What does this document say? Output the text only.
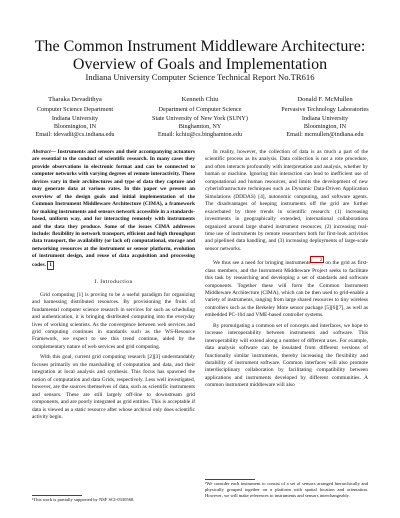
The Common Instrument Middleware Architecture: Overview of Goals and Implementation
Indiana University Computer Science Technical Report No.TR616
Tharaka Devadithya
Computer Science Department
Indiana University
Bloomington, IN
Email: tdevadit@cs.indiana.edu
Kenneth Chiu
Department of Computer Science
State University of New York (SUNY)
Binghamton, NY
Email: kchiu@cs.binghamton.edu
Donald F. McMullen
Pervasive Technology Laboratories
Indiana University
Bloomington, IN
Email: mcmullen@indiana.edu
Abstract— Instruments and sensors and their accompanying actuators are essential to the conduct of scientific research. In many cases they provide observations in electronic format and can be connected to computer networks with varying degrees of remote interactivity. These devices vary in their architectures and type of data they capture and may generate data at various rates. In this paper we present an overview of the design goals and initial implementation of the Common Instrument Middleware Architecture (CIMA), a framework for making instruments and sensors network accessible in a standards-based, uniform way, and for interacting remotely with instruments and the data they produce. Some of the issues CIMA addresses include: flexibility in network transport, efficient and high throughput data transport, the availability (or lack of) computational, storage and networking resources at the instrument or sensor platform, evolution of instrument design, and reuse of data acquisition and processing codes. 1
I. Introduction

Grid computing [1] is proving to be a useful paradigm for organizing and harnessing distributed resources. By provisioning the fruits of fundamental computer science research in services for such as scheduling and authentication, it is bringing distributed computing into the everyday lives of working scientists. As the convergence between web services and grid computing continues in standards such as the WS-Resource Framework, we expect to see this trend continue, aided by the complementary nature of web services and grid computing.

With this goal, current grid computing research [2][3] understandably focuses primarily on the marshalling of computation and data, and their integration at local analysis and synthesis. This focus has spawned the notion of computation and data Grids, respectively. Less well investigated, however, are the sources themselves of data, such as scientific instruments and sensors. These are still largely off-line to downstream grid components, and are poorly integrated as grid entities. This is acceptable if data is viewed as a static resource after whose archival only does scientific activity begin.

¹This work is partially supported by NSF SCI-0330568.

In reality, however, the collection of data is as much a part of the scientific process as its analysis. Data collection is not a rote procedure, and often interacts profoundly with interpretation and analysis, whether by human or machine. Ignoring this interaction can lead to inefficient use of computational and human resources, and limits the development of new cyberinfrastructure techniques such as Dynamic Data-Driven Application Simulations (DDDAS) [4], autonomic computing, and software agents. The disadvantages of keeping instruments off the grid are further exacerbated by three trends in scientific research: (1) increasing investments in geographically extended, international collaborations organized around large shared instrument resources, (2) increasing real-time use of instruments by remote researchers both for first-look activities and pipelined data handling, and (3) increasing deployments of large-scale sensor networks.

We thus see a need for bringing instruments2 on the grid as first-class members, and the Instrument Middleware Project seeks to facilitate this task by researching and developing a set of standards and software components. Together these will form the Common Instrument Middleware Architecture (CIMA), which can be then used to grid-enable a variety of instruments, ranging from large shared resources to tiny wireless controllers such as the Berkeley Mote sensor package [5][6][7], as well as embedded PC-104 and VME-based controller systems.

By promulgating a common set of concepts and interfaces, we hope to increase interoperability between instruments and software. This interoperability will extend along a number of different axes. For example, data analysis software can be insulated from different versions of functionally similar instruments, thereby increasing the flexibility and durability of instrument software. Common interfaces will also promote interdisciplinary collaboration by facilitating compatibility between applications and instruments developed by different communities. A common instrument middleware will also

²We consider each instrument to consist of a set of sensors arranged hierarchically and physically grouped together on a platform with spatial location and orientation. However, we will make references to instruments and sensors interchangeably.
